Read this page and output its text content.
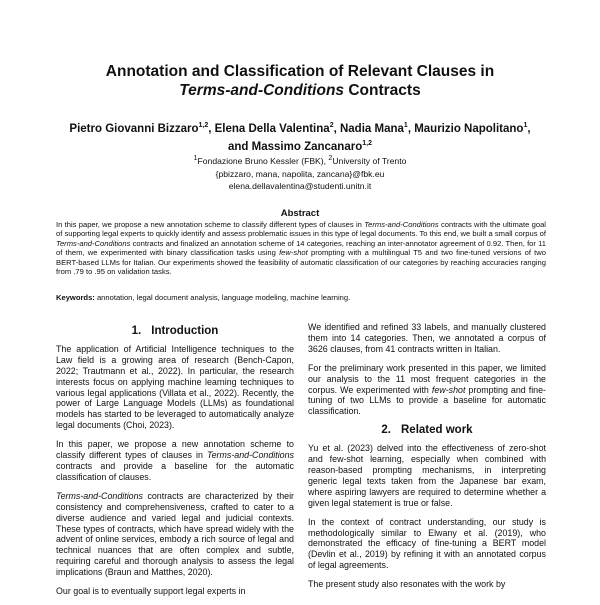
Annotation and Classification of Relevant Clauses in
Terms-and-Conditions Contracts
Pietro Giovanni Bizzaro$^{1,2}$, Elena Della Valentina$^2$, Nadia Mana$^1$, Maurizio Napolitano$^1$,
and Massimo Zancanaro$^{1,2}$
$^1$Fondazione Bruno Kessler (FBK), $^2$University of Trento
{pbizzaro, mana, napolita, zancana}@fbk.eu
elena.dellavalentina@studenti.unitn.it
Abstract
In this paper, we propose a new annotation scheme to classify different types of clauses in Terms-and-Conditions contracts with the ultimate goal of supporting legal experts to quickly identify and assess problematic issues in this type of legal documents. To this end, we built a small corpus of Terms-and-Conditions contracts and finalized an annotation scheme of 14 categories, reaching an inter-annotator agreement of 0.92. Then, for 11 of them, we experimented with binary classification tasks using few-shot prompting with a multilingual T5 and two fine-tuned versions of two BERT-based LLMs for Italian. Our experiments showed the feasibility of automatic classification of our categories by reaching accuracies ranging from .79 to .95 on validation tasks.
Keywords: annotation, legal document analysis, language modeling, machine learning.
1. Introduction

The application of Artificial Intelligence techniques to the Law field is a growing area of research (Bench-Capon, 2022; Trautmann et al., 2022). In particular, the research interests focus on applying machine learning techniques to various legal applications (Villata et al., 2022). Recently, the power of Large Language Models (LLMs) as foundational models has started to be leveraged to automatically analyze legal documents (Choi, 2023).

In this paper, we propose a new annotation scheme to classify different types of clauses in Terms-and-Conditions contracts and provide a baseline for the automatic classification of clauses.

Terms-and-Conditions contracts are characterized by their consistency and comprehensiveness, crafted to cater to a diverse audience and varied legal and judicial contexts. These types of contracts, which have spread widely with the advent of online services, embody a rich source of legal and technical nuances that are often complex and subtle, requiring careful and thorough analysis to assess the legal implications (Braun and Matthes, 2020).

Our goal is to eventually support legal experts in

We identified and refined 33 labels, and manually clustered them into 14 categories. Then, we annotated a corpus of 3626 clauses, from 41 contracts written in Italian.

For the preliminary work presented in this paper, we limited our analysis to the 11 most frequent categories in the corpus. We experimented with few-shot prompting and fine-tuning of two LLMs to provide a baseline for automatic classification.

2. Related work

Yu et al. (2023) delved into the effectiveness of zero-shot and few-shot learning, especially when combined with reason-based prompting mechanisms, in interpreting generic legal texts taken from the Japanese bar exam, where aspiring lawyers are required to determine whether a given legal statement is true or false.

In the context of contract understanding, our study is methodologically similar to Elwany et al. (2019), who demonstrated the efficacy of fine-tuning a BERT model (Devlin et al., 2019) by refining it with an annotated corpus of legal agreements.

The present study also resonates with the work by
